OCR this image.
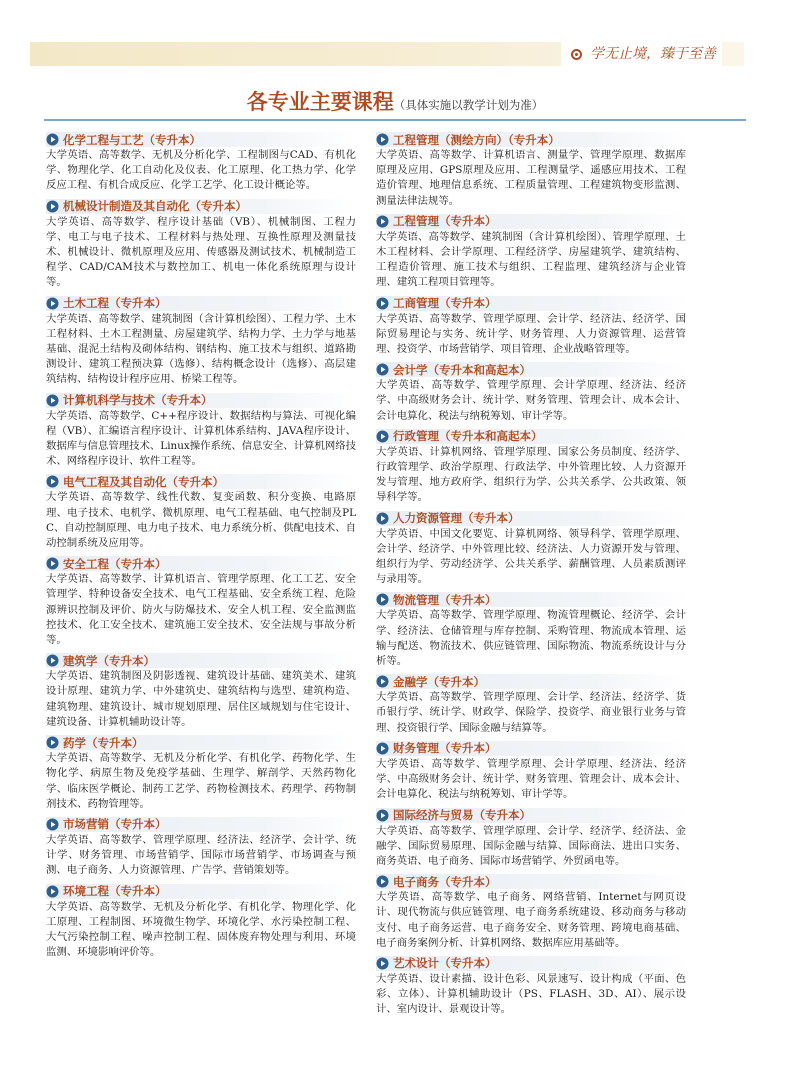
学无止境，臻于至善
各专业主要课程（具体实施以教学计划为准）
化学工程与工艺（专升本）
大学英语、高等数学、无机及分析化学、工程制图与CAD、有机化学、物理化学、化工自动化及仪表、化工原理、化工热力学、化学反应工程、有机合成反应、化学工艺学、化工设计概论等。
机械设计制造及其自动化（专升本）
大学英语、高等数学、程序设计基础（VB）、机械制图、工程力学、电工与电子技术、工程材料与热处理、互换性原理及测量技术、机械设计、微机原理及应用、传感器及测试技术、机械制造工程学、CAD/CAM技术与数控加工、机电一体化系统原理与设计等。
土木工程（专升本）
大学英语、高等数学、建筑制图（含计算机绘图）、工程力学、土木工程材料、土木工程测量、房屋建筑学、结构力学、土力学与地基基础、混泥土结构及砌体结构、钢结构、施工技术与组织、道路勘测设计、建筑工程预决算（选修）、结构概念设计（选修）、高层建筑结构、结构设计程序应用、桥梁工程等。
计算机科学与技术（专升本）
大学英语、高等数学、C++程序设计、数据结构与算法、可视化编程（VB）、汇编语言程序设计、计算机体系结构、JAVA程序设计、数据库与信息管理技术、Linux操作系统、信息安全、计算机网络技术、网络程序设计、软件工程等。
电气工程及其自动化（专升本）
大学英语、高等数学、线性代数、复变函数、积分变换、电路原理、电子技术、电机学、微机原理、电气工程基础、电气控制及PLC、自动控制原理、电力电子技术、电力系统分析、供配电技术、自动控制系统及应用等。
安全工程（专升本）
大学英语、高等数学、计算机语言、管理学原理、化工工艺、安全管理学、特种设备安全技术、电气工程基础、安全系统工程、危险源辨识控制及评价、防火与防爆技术、安全人机工程、安全监测监控技术、化工安全技术、建筑施工安全技术、安全法规与事故分析等。
建筑学（专升本）
大学英语、建筑制图及阴影透视、建筑设计基础、建筑美术、建筑设计原理、建筑力学、中外建筑史、建筑结构与选型、建筑构造、建筑物理、建筑设计、城市规划原理、居住区域规划与住宅设计、建筑设备、计算机辅助设计等。
药学（专升本）
大学英语、高等数学、无机及分析化学、有机化学、药物化学、生物化学、病原生物及免疫学基础、生理学、解剖学、天然药物化学、临床医学概论、制药工艺学、药物检测技术、药理学、药物制剂技术、药物管理等。
市场营销（专升本）
大学英语、高等数学、管理学原理、经济法、经济学、会计学、统计学、财务管理、市场营销学、国际市场营销学、市场调查与预测、电子商务、人力资源管理、广告学、营销策划等。
环境工程（专升本）
大学英语、高等数学、无机及分析化学、有机化学、物理化学、化工原理、工程制图、环境微生物学、环境化学、水污染控制工程、大气污染控制工程、噪声控制工程、固体废弃物处理与利用、环境监测、环境影响评价等。
工程管理（测绘方向）（专升本）
大学英语、高等数学、计算机语言、测量学、管理学原理、数据库原理及应用、GPS原理及应用、工程测量学、遥感应用技术、工程造价管理、地理信息系统、工程质量管理、工程建筑物变形监测、测量法律法规等。
工程管理（专升本）
大学英语、高等数学、建筑制图（含计算机绘图）、管理学原理、土木工程材料、会计学原理、工程经济学、房屋建筑学、建筑结构、工程造价管理、施工技术与组织、工程监理、建筑经济与企业管理、建筑工程项目管理等。
工商管理（专升本）
大学英语、高等数学、管理学原理、会计学、经济法、经济学、国际贸易理论与实务、统计学、财务管理、人力资源管理、运营管理、投资学、市场营销学、项目管理、企业战略管理等。
会计学（专升本和高起本）
大学英语、高等数学、管理学原理、会计学原理、经济法、经济学、中高级财务会计、统计学、财务管理、管理会计、成本会计、会计电算化、税法与纳税筹划、审计学等。
行政管理（专升本和高起本）
大学英语、计算机网络、管理学原理、国家公务员制度、经济学、行政管理学、政治学原理、行政法学、中外管理比较、人力资源开发与管理、地方政府学、组织行为学、公共关系学、公共政策、领导科学等。
人力资源管理（专升本）
大学英语、中国文化要览、计算机网络、领导科学、管理学原理、会计学、经济学、中外管理比较、经济法、人力资源开发与管理、组织行为学、劳动经济学、公共关系学、薪酬管理、人员素质测评与录用等。
物流管理（专升本）
大学英语、高等数学、管理学原理、物流管理概论、经济学、会计学、经济法、仓储管理与库存控制、采购管理、物流成本管理、运输与配送、物流技术、供应链管理、国际物流、物流系统设计与分析等。
金融学（专升本）
大学英语、高等数学、管理学原理、会计学、经济法、经济学、货币银行学、统计学、财政学、保险学、投资学、商业银行业务与管理、投资银行学、国际金融与结算等。
财务管理（专升本）
大学英语、高等数学、管理学原理、会计学原理、经济法、经济学、中高级财务会计、统计学、财务管理、管理会计、成本会计、会计电算化、税法与纳税筹划、审计学等。
国际经济与贸易（专升本）
大学英语、高等数学、管理学原理、会计学、经济学、经济法、金融学、国际贸易原理、国际金融与结算、国际商法、进出口实务、商务英语、电子商务、国际市场营销学、外贸函电等。
电子商务（专升本）
大学英语、高等数学、电子商务、网络营销、Internet与网页设计、现代物流与供应链管理、电子商务系统建设、移动商务与移动支付、电子商务运营、电子商务安全、财务管理、跨境电商基础、电子商务案例分析、计算机网络、数据库应用基础等。
艺术设计（专升本）
大学英语、设计素描、设计色彩、风景速写、设计构成（平面、色彩、立体）、计算机辅助设计（PS、FLASH、3D、AI）、展示设计、室内设计、景观设计等。
